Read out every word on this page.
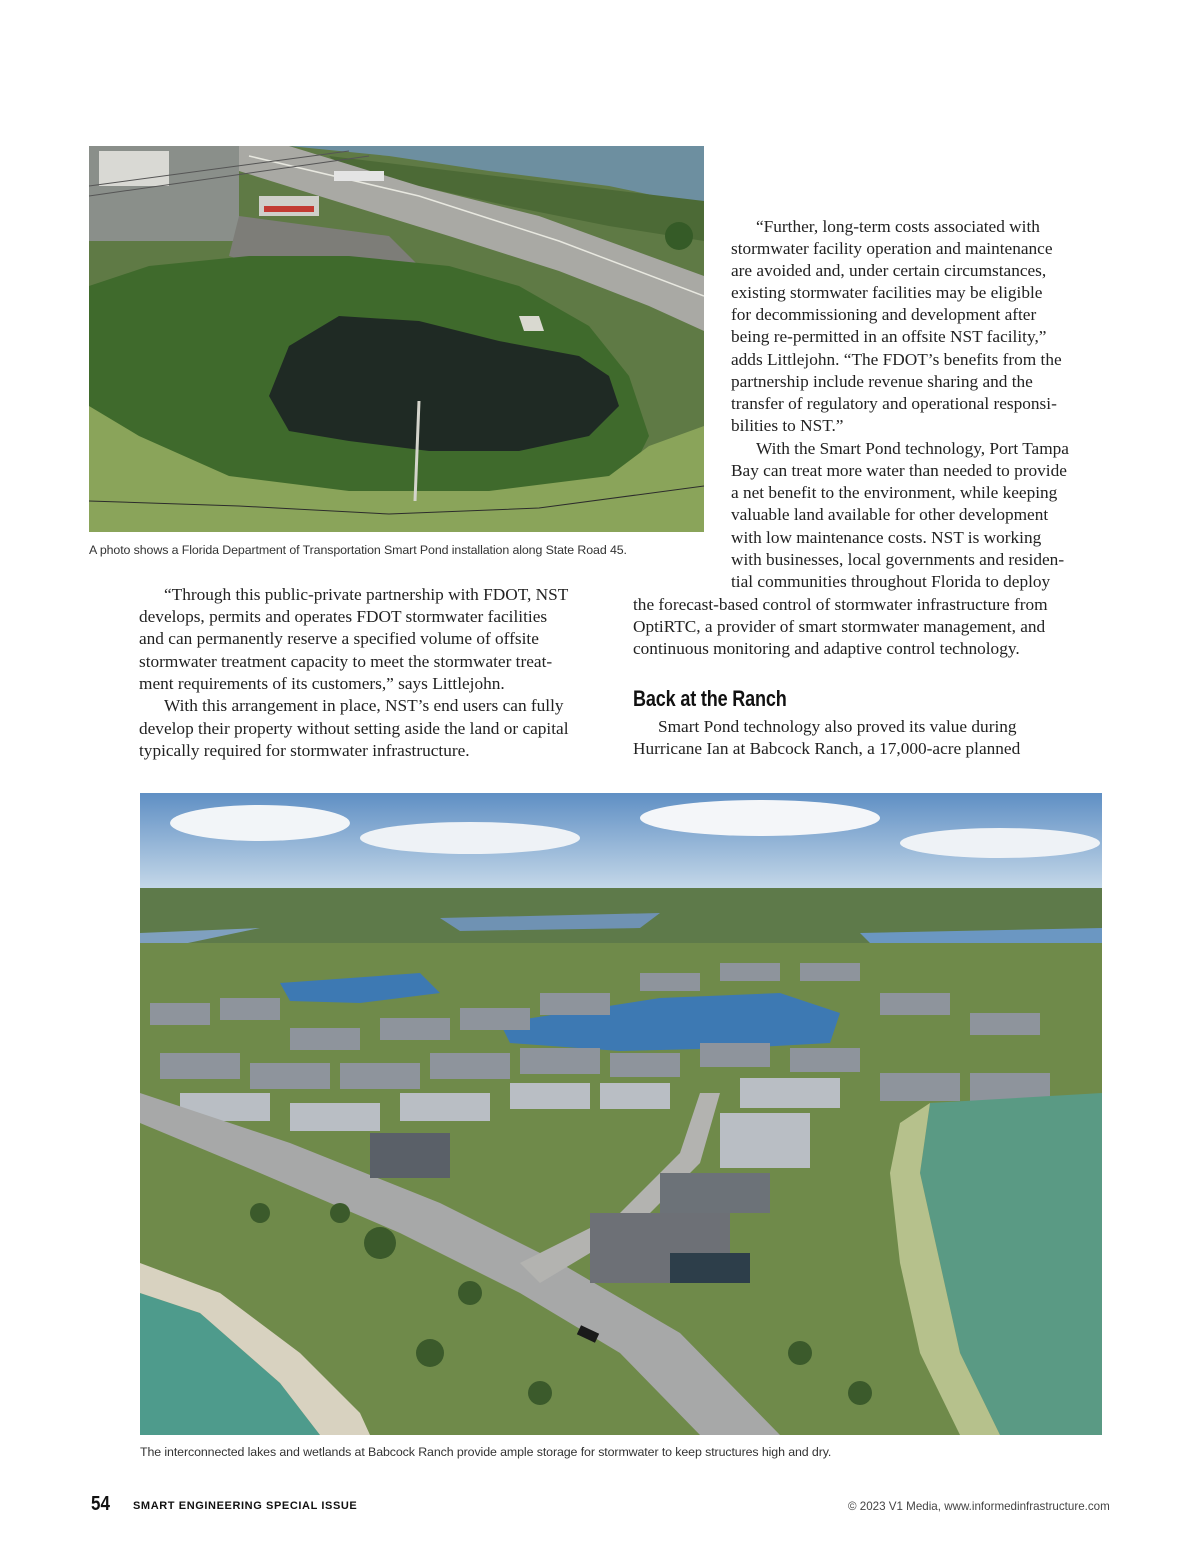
A photo shows a Florida Department of Transportation Smart Pond installation along State Road 45.
“Further, long-term costs associated with
stormwater facility operation and maintenance
are avoided and, under certain circumstances,
existing stormwater facilities may be eligible
for decommissioning and development after
being re-permitted in an offsite NST facility,”
adds Littlejohn. “The FDOT’s benefits from the
partnership include revenue sharing and the
transfer of regulatory and operational responsi-
bilities to NST.”
With the Smart Pond technology, Port Tampa
Bay can treat more water than needed to provide
a net benefit to the environment, while keeping
valuable land available for other development
with low maintenance costs. NST is working
with businesses, local governments and residen-
tial communities throughout Florida to deploy
the forecast-based control of stormwater infrastructure from
OptiRTC, a provider of smart stormwater management, and
continuous monitoring and adaptive control technology.
“Through this public-private partnership with FDOT, NST
develops, permits and operates FDOT stormwater facilities
and can permanently reserve a specified volume of offsite
stormwater treatment capacity to meet the stormwater treat-
ment requirements of its customers,” says Littlejohn.
With this arrangement in place, NST’s end users can fully
develop their property without setting aside the land or capital
typically required for stormwater infrastructure.
Back at the Ranch
Smart Pond technology also proved its value during
Hurricane Ian at Babcock Ranch, a 17,000-acre planned
The interconnected lakes and wetlands at Babcock Ranch provide ample storage for stormwater to keep structures high and dry.
54 SMART ENGINEERING SPECIAL ISSUE	© 2023 V1 Media, www.informedinfrastructure.com
